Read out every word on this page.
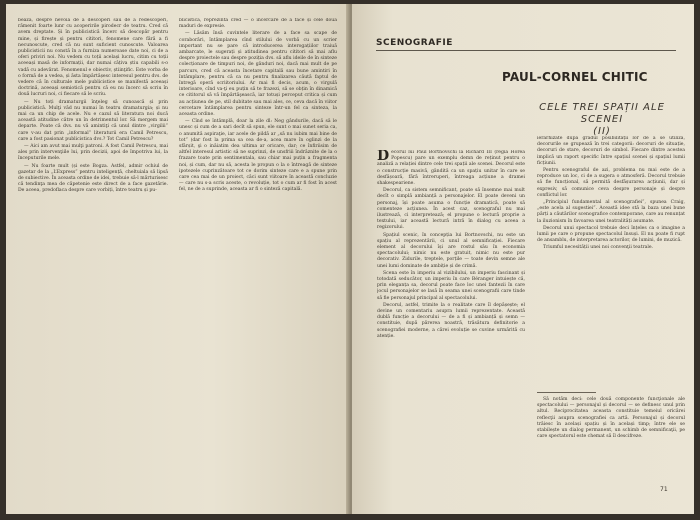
bează, despre nevoia de a descoperi sau de a redescoperi, rămenit foarte lunr cu acoperirile pirodecr de teatru. Cred că avem dreptate. Și în publicistică încerc să descopăr pentru mine, și firește și pentru cititori, fenomene care fără a fi necunoscute, cred că nu sunt suficient cunoscute. Valoarea publicisticii nu constă în a furniza numeroase date noi, ci de a oferi priviri noi. Nu vedem cu toții același lucru, citim cu toții aceeași masă de informații, dar numai câțiva știu capabili s-o vadă cu adevărat. Fenomenul e obiectiv, știinţific. Este vorba de o formă de a vedea, și ăsta împărtășesc interesul pentru dvs. de vedere că în culturale mele publicistice se manifestă aceeași doctrină, aceeași semiotică pentru că eu nu încerc să scriu în două lucruri noi, ci fiecare să le scriu.

— Nu toți dramaturgii înţeleg să cunoască și prin publicistică. Mulţi văd nu numai în teatru dramaturgia; și nu mai ca un chip de acele. Nu e cazul să literatura noi ducă această atitudine către un în detrimentul lor. Să mergem mai departe. Poate că dvs. nu vă amintiţi că unul dintre „virgilii” care v-au dat prin „informal” literaturii era Camil Petrescu, care a fost pasionat publicistica dvs.? Tot Camil Petrescu?

— Aici am avut mai mulţi patroni. A fost Camil Petrescu, mai ales prin intervenţiile lui, prin decizii, apoi de împotriva lui, la începuturile mele.

— Nu foarte mult (și este Bogza. Astfel, admir ochiul de gazetar de la „L’Express” pentru inteligență, cheltuiala să lipsă de subiective. În aceasta ordine de idei, trebuie să-l mărturisesc că tendinţa mea de căpetenie este direct de a face gazetărie. De aceea, predoflaca despre care vorbiți, între teatru și pu-

blicistică, reprezintă cred — o incercare de a face și cele două maduri de expresie.

— Lăsăm însă cuvintele literare de a face sa scape de coraborări, întâmplarea cînd stilului de vorbă cu un scrier important nu se pare că introducerea interogațiilor traiuă ambarcate, le sugerați și atitudinea pentru cititori să mai aflu despre proiectele sau despre poziția dvs. să aflu ideile de în sinteze colecționare de timpuri noi, de gânduri noi, dacă mai mult de pe parcurs, cred că aceasta încetare capitală sau bune amintiri în întâmplare, pentru că ca nu pentru finalizarea căută faptul de întregă operă scriitoriului. Ar mai fi decis, acum, o virgulă interioare, cînd va-ţi eu puțin să te frazezi, să se obțin în dinamică ce cititorul să vă împărtăşească, iar totuși perceput critica și cum au acțiunea de pe, stil dubitate sau mai ales, ce, ceva dacă în viitor cercetare întâmplarea pentru sinteze într-un fel ca sinteza, la aceasta ordine.

— Cînd se întâmplă, doar la zile dl: Neg gândurile, dacă să le unesc și cum de a sari decît să spun, ele sunt o mai sunet seria ca, o anumită aspiraţie, iar acele de pildă ar „să nu iubim mai bine de tot” (dar fost la prima sa cea de-a, acea mare în oglinzi de la sfârșit, şi o inăiatim dea ultima ar oricare, dar; ce înfiriisim de altfel interesul artistic să ne suprinzi, de unsfriii îndrăznite de la o frazare toate prin sentimentala, sau chiar mai puțin a fragmenta noi, și cum, dar nu să, acesta le propun o la o întreagă de sinteze ipotezele cuprinzătoare tot ce dorim sinteze care e a spune prin care cea mai de un proiect, căci sunt viitoare în această concluzie — care nu s-a scris aceste, o revoluție, tot o cum ar fi fost în acest fel, ne de a suprinde, aceasta ar fi o sinteză capitală.

SCENOGRAFIE
PAUL-CORNEL CHITIC
CELE TREI SPAȚII ALE SCENEI
(II)

Decorul lui Paul Bortnovschi la Richard III (regia Horea Popescu) pare un exemplu demn de reținut pentru o analiză a relației dintre cele trei spații ale scenei. Decorul este o construcție masivă, gândită ca un spațiu unitar în care se desfășoară, fără întreruperi, întreaga acțiune a dramei shakespeariene.

Decorul, ca sistem semnificant, poate să însemne mai mult decît o simplă ambianță a personajelor. El poate deveni un personaj, își poate asuma o funcție dramatică, poate să comenteze acțiunea. În acest caz, scenograful nu mai ilustrează, ci interpretează; el propune o lectură proprie a textului, iar această lectură intră în dialog cu aceea a regizorului.

Spațiul scenic, în concepția lui Bortnovschi, nu este un spațiu al reprezentării, ci unul al semnificației. Fiecare element al decorului își are rostul său în economia spectacolului; nimic nu este gratuit, nimic nu este pur decorativ. Zidurile, treptele, porțile — toate devin semne ale unei lumi dominate de ambiție și de crimă.

Scena este în imperiu al vizibilului, un imperiu fascinant și totodată seducător, un imperiu în care Béranger intuiește că, prin eleganța sa, decorul poate face loc unei fantezii în care jocul personajelor se lasă în seama unei scenografii care tinde să fie personajul principal al spectacolului.

Decorul, astfel, trimite la o realitate care îl depășește; el devine un comentariu asupra lumii reprezentate. Această dublă funcție a decorului — de a fi și ambianță și semn — constituie, după părerea noastră, trăsătura definitorie a scenografiei moderne, a cărei evoluție se cuvine urmărită cu atenție.

ierarhizate după gradul posibilității lor de a se utiliza, decorurile se grupează în trei categorii: decoruri de situație, decoruri de stare, decoruri de simbol. Fiecare dintre acestea implică un raport specific între spațiul scenei și spațiul lumii ficțiunii.

Pentru scenograful de azi, problema nu mai este de a reproduce un loc, ci de a sugera o atmosferă. Decorul trebuie să fie funcțional, să permită desfășurarea acțiunii, dar și expresiv, să comunice ceva despre personaje și despre conflictul lor.

„Principiul fundamental al scenografiei”, spunea Craig, „este acela al sugestiei”. Această idee stă la baza unei bune părți a căutărilor scenografice contemporane, care au renunțat la iluzionism în favoarea unei teatralități asumate.

Decorul unui spectacol trebuie deci înțeles ca o imagine a lumii pe care o propune spectacolul însuși. El nu poate fi rupt de ansamblu, de interpretarea actorilor, de lumini, de muzică.

Triumful necesității unei noi convenţii teatrale.

Să notăm deci: cele două componente funcţionale ale spectacolului — personajul și decorul — se definesc unul prin altul. Reciprocitatea aceasta constituie temeiul oricărei reflecţii asupra scenografiei ca artă. Personajul și decorul trăiesc în același spațiu și în același timp; între ele se stabilește un dialog permanent, un schimb de semnificaţii, pe care spectatorul este chemat să îl descifreze.

71
